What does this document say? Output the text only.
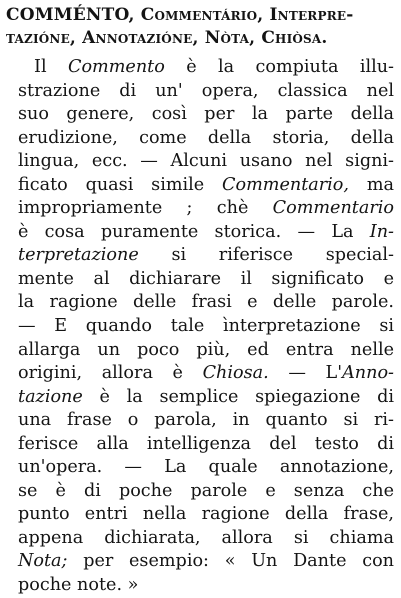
COMMÉNTO, Commentário, Interpre-
tazióne, Annotazióne, Nòta, Chiòsa.
Il Commento è la compiuta illu-
strazione di un' opera, classica nel
suo genere, così per la parte della
erudizione, come della storia, della
lingua, ecc. — Alcuni usano nel signi-
ficato quasi simile Commentario, ma
impropriamente ; chè Commentario
è cosa puramente storica. — La In-
terpretazione si riferisce special-
mente al dichiarare il significato e
la ragione delle frasi e delle parole.
— E quando tale ìnterpretazione si
allarga un poco più, ed entra nelle
origini, allora è Chiosa. — L'Anno-
tazione è la semplice spiegazione di
una frase o parola, in quanto si ri-
ferisce alla intelligenza del testo di
un'opera. — La quale annotazione,
se è di poche parole e senza che
punto entri nella ragione della frase,
appena dichiarata, allora si chiama
Nota; per esempio: « Un Dante con
poche note. »
